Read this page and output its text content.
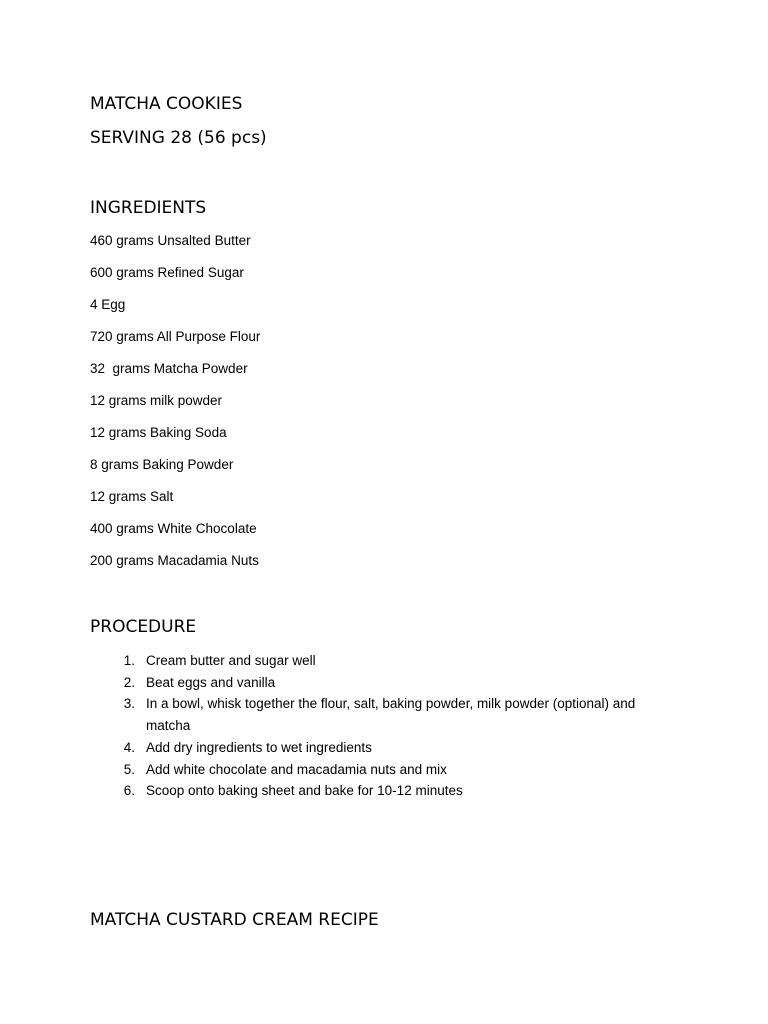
MATCHA COOKIES
SERVING 28 (56 pcs)
INGREDIENTS
460 grams Unsalted Butter
600 grams Refined Sugar
4 Egg
720 grams All Purpose Flour
32  grams Matcha Powder
12 grams milk powder
12 grams Baking Soda
8 grams Baking Powder
12 grams Salt
400 grams White Chocolate
200 grams Macadamia Nuts
PROCEDURE
1. Cream butter and sugar well
2. Beat eggs and vanilla
3. In a bowl, whisk together the flour, salt, baking powder, milk powder (optional) and matcha
4. Add dry ingredients to wet ingredients
5. Add white chocolate and macadamia nuts and mix
6. Scoop onto baking sheet and bake for 10-12 minutes
MATCHA CUSTARD CREAM RECIPE
